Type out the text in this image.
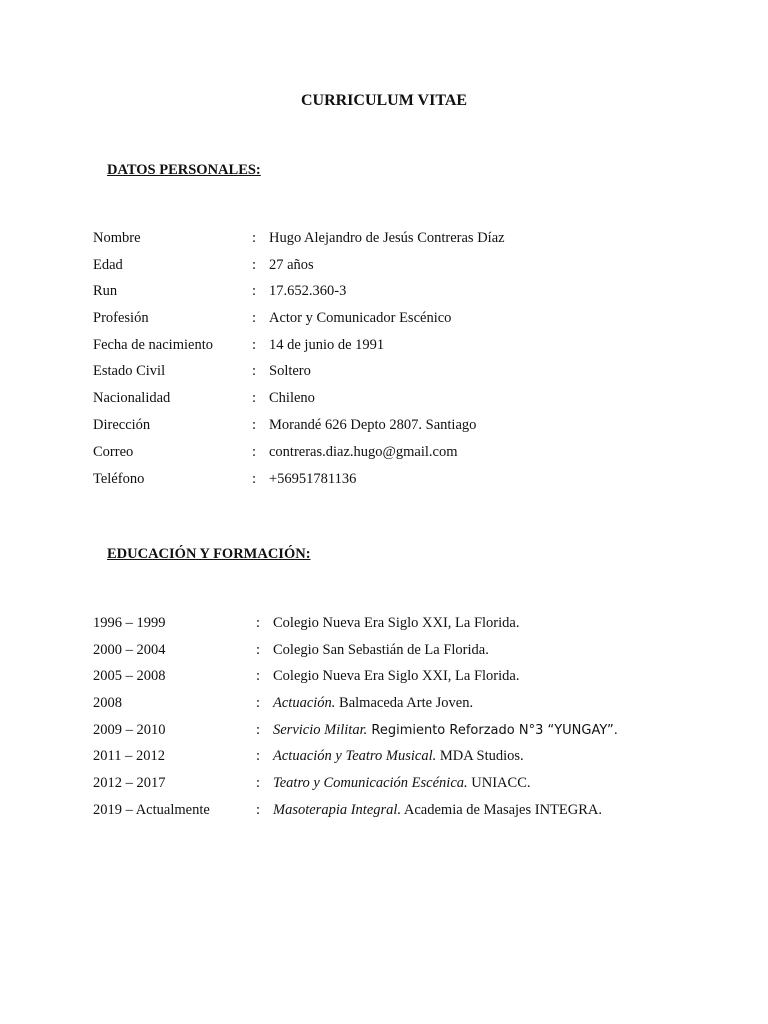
CURRICULUM VITAE
DATOS PERSONALES:
Nombre	: Hugo Alejandro de Jesús Contreras Díaz
Edad	: 27 años
Run	: 17.652.360-3
Profesión	: Actor y Comunicador Escénico
Fecha de nacimiento	: 14 de junio de 1991
Estado Civil	: Soltero
Nacionalidad	: Chileno
Dirección	: Morandé 626 Depto 2807. Santiago
Correo	: contreras.diaz.hugo@gmail.com
Teléfono	: +56951781136
EDUCACIÓN Y FORMACIÓN:
1996 – 1999	: Colegio Nueva Era Siglo XXI, La Florida.
2000 – 2004	: Colegio San Sebastián de La Florida.
2005 – 2008	: Colegio Nueva Era Siglo XXI, La Florida.
2008	: Actuación. Balmaceda Arte Joven.
2009 – 2010	: Servicio Militar. Regimiento Reforzado N°3 “YUNGAY”.
2011 – 2012	: Actuación y Teatro Musical. MDA Studios.
2012 – 2017	: Teatro y Comunicación Escénica. UNIACC.
2019 – Actualmente	: Masoterapia Integral. Academia de Masajes INTEGRA.
